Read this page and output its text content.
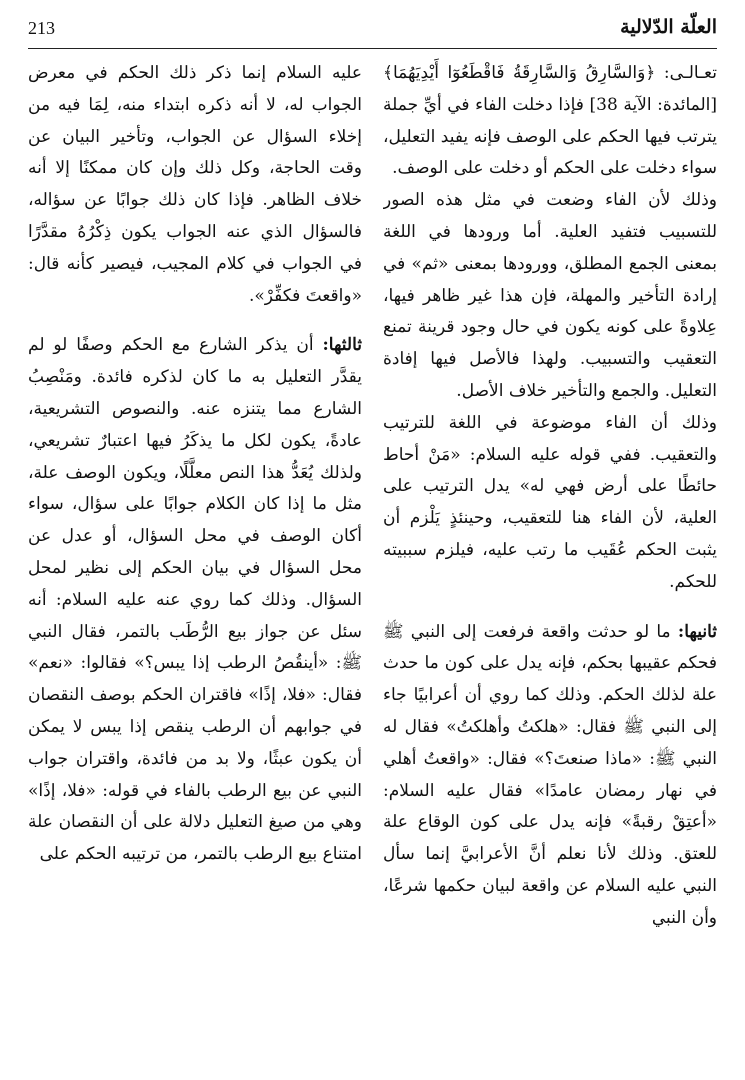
213	العلّة الدّلالية

تعـالـى: ﴿وَالسَّارِقُ وَالسَّارِقَةُ فَاقْطَعُوٓا أَيْدِيَهُمَا﴾ [المائدة: الآية 38] فإذا دخلت الفاء في أيِّ جملة يترتب فيها الحكم على الوصف فإنه يفيد التعليل، سواء دخلت على الحكم أو دخلت على الوصف.

وذلك لأن الفاء وضعت في مثل هذه الصور للتسبيب فتفيد العلية. أما ورودها في اللغة بمعنى الجمع المطلق، وورودها بمعنى «ثم» في إرادة التأخير والمهلة، فإن هذا غير ظاهر فيها، عِلاوةً على كونه يكون في حال وجود قرينة تمنع التعقيب والتسبيب. ولهذا فالأصل فيها إفادة التعليل. والجمع والتأخير خلاف الأصل.

وذلك أن الفاء موضوعة في اللغة للترتيب والتعقيب. ففي قوله عليه السلام: «مَنْ أحاط حائطًا على أرض فهي له» يدل الترتيب على العلية، لأن الفاء هنا للتعقيب، وحينئذٍ يَلْزم أن يثبت الحكم عُقَيب ما رتب عليه، فيلزم سببيته للحكم.

ثانيها: ما لو حدثت واقعة فرفعت إلى النبي ﷺ فحكم عقيبها بحكم، فإنه يدل على كون ما حدث علة لذلك الحكم. وذلك كما روي أن أعرابيًا جاء إلى النبي ﷺ فقال: «هلكتُ وأهلكتُ» فقال له النبي ﷺ: «ماذا صنعتَ؟» فقال: «واقعتُ أهلي في نهار رمضان عامدًا» فقال عليه السلام: «أعتِقْ رقبةً» فإنه يدل على كون الوقاع علة للعتق. وذلك لأنا نعلم أنَّ الأعرابيَّ إنما سأل النبي عليه السلام عن واقعة لبيان حكمها شرعًا، وأن النبي

عليه السلام إنما ذكر ذلك الحكم في معرض الجواب له، لا أنه ذكره ابتداء منه، لِمَا فيه من إخلاء السؤال عن الجواب، وتأخير البيان عن وقت الحاجة، وكل ذلك وإن كان ممكنًا إلا أنه خلاف الظاهر. فإذا كان ذلك جوابًا عن سؤاله، فالسؤال الذي عنه الجواب يكون ذِكْرُهُ مقدَّرًا في الجواب في كلام المجيب، فيصير كأنه قال: «واقعتَ فكفِّرْ».

ثالثها: أن يذكر الشارع مع الحكم وصفًا لو لم يقدَّر التعليل به ما كان لذكره فائدة. ومَنْصِبُ الشارع مما يتنزه عنه. والنصوص التشريعية، عادةً، يكون لكل ما يذكَرُ فيها اعتبارٌ تشريعي، ولذلك يُعَدُّ هذا النص معلَّلًا، ويكون الوصف علة، مثل ما إذا كان الكلام جوابًا على سؤال، سواء أكان الوصف في محل السؤال، أو عدل عن محل السؤال في بيان الحكم إلى نظير لمحل السؤال. وذلك كما روي عنه عليه السلام: أنه سئل عن جواز بيع الرُّطَب بالتمر، فقال النبي ﷺ: «أينقُصُ الرطب إذا يبس؟» فقالوا: «نعم» فقال: «فلا، إذًا» فاقتران الحكم بوصف النقصان في جوابهم أن الرطب ينقص إذا يبس لا يمكن أن يكون عبثًا، ولا بد من فائدة، واقتران جواب النبي عن بيع الرطب بالفاء في قوله: «فلا، إذًا» وهي من صيغ التعليل دلالة على أن النقصان علة امتناع بيع الرطب بالتمر، من ترتيبه الحكم على
